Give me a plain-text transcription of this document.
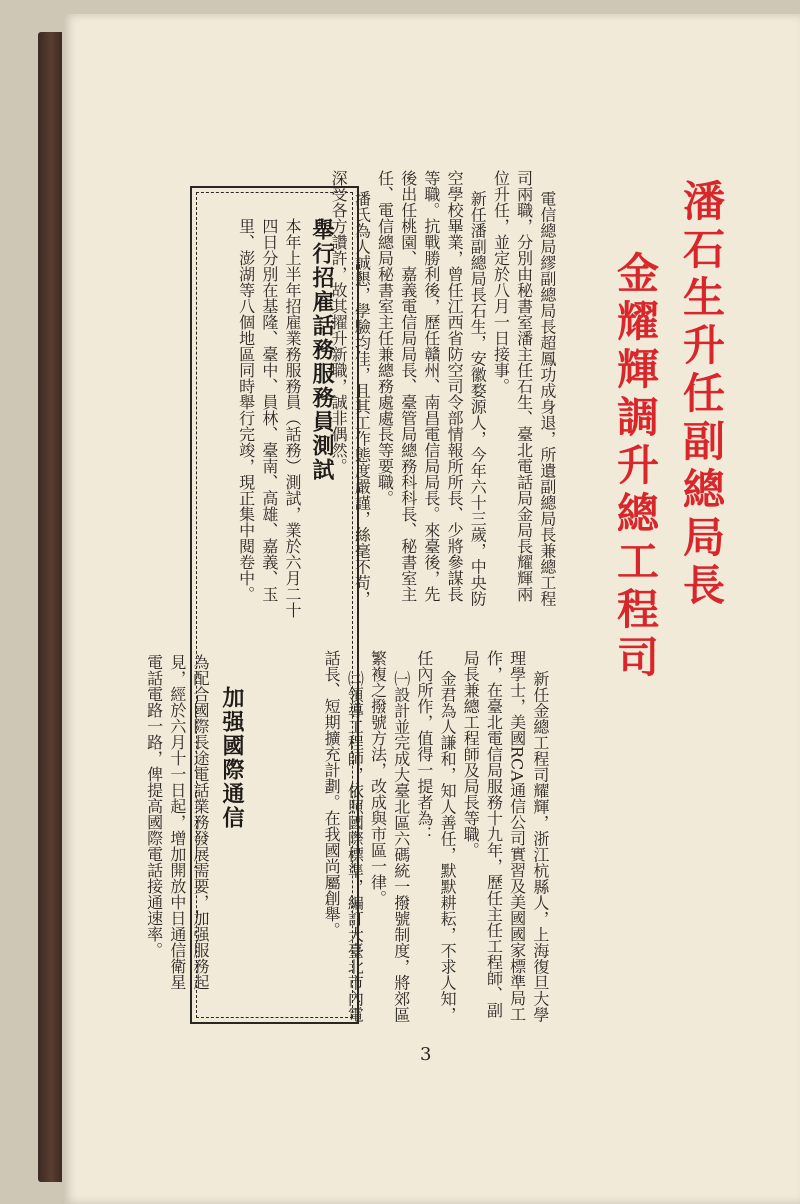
潘石生升任副總局長
金耀輝調升總工程司

電信總局繆副總局長超鳳功成身退，所遺副總局長兼總工程司兩職，分別由秘書室潘主任石生、臺北電話局金局長耀輝兩位升任，並定於八月一日接事。
新任潘副總局長石生，安徽婺源人，今年六十三歲，中央防空學校畢業，曾任江西省防空司令部情報所所長、少將參謀長等職。抗戰勝利後，歷任贛州、南昌電信局局長。來臺後，先後出任桃園、嘉義電信局局長、臺管局總務科科長、秘書室主任、電信總局秘書室主任兼總務處處長等要職。
潘氏為人誠懇，學驗均佳，且其工作態度嚴謹，絲毫不苟，深受各方讚許，故其擢升新職，誠非偶然。

新任金總工程司耀輝，浙江杭縣人，上海復旦大學理學士，美國RCA通信公司實習及美國國家標準局工作，在臺北電信局服務十九年，歷任主任工程師、副局長兼總工程師及局長等職。
金君為人謙和，知人善任，默默耕耘，不求人知，任內所作，值得一提者為：
㈠設計並完成大臺北區六碼統一撥號制度，將郊區繁複之撥號方法，改成與市區一律。
㈡領導工程師，依照國際標準，編訂大臺北市內電話長、短期擴充計劃。在我國尚屬創舉。

舉行招雇話務服務員測試
本年上半年招雇業務服務員（話務）測試，業於六月二十四日分別在基隆、臺中、員林、臺南、高雄、嘉義、玉里、澎湖等八個地區同時舉行完竣，現正集中閱卷中。
加强國際通信
為配合國際長途電話業務發展需要，加强服務起見，經於六月十一日起，增加開放中日通信衛星電話電路一路，俾提高國際電話接通速率。
3
